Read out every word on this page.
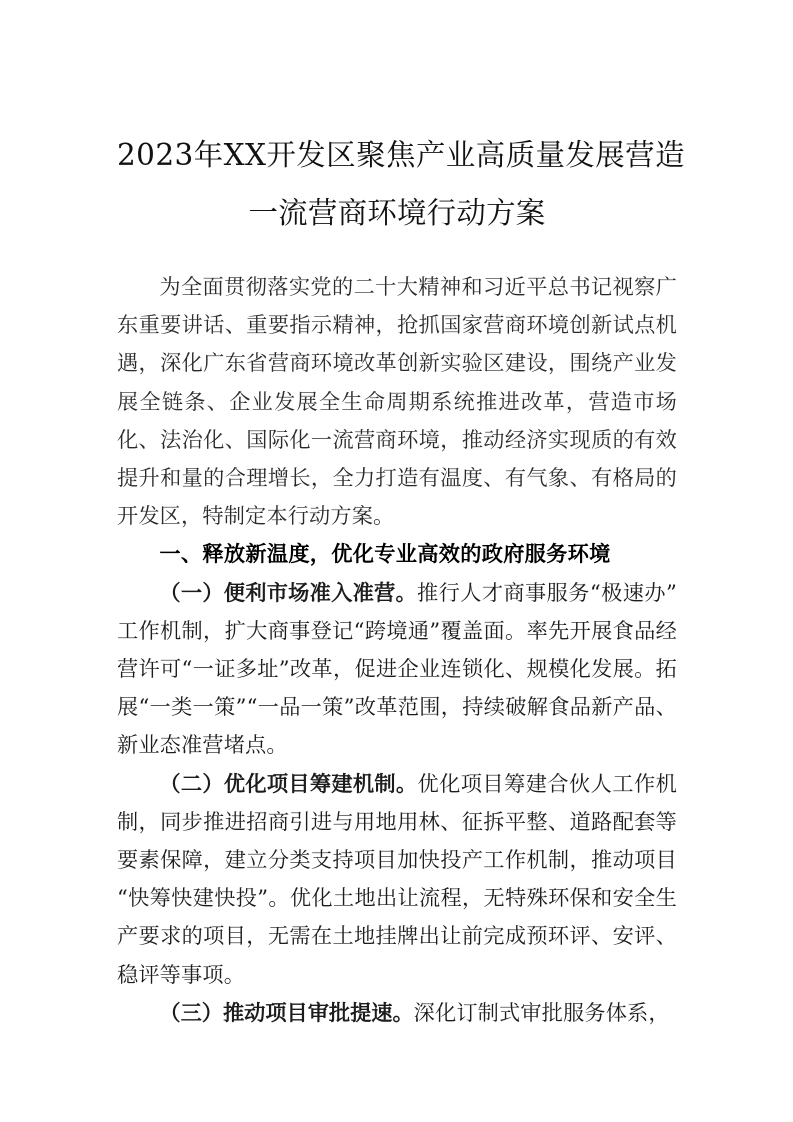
2023年XX开发区聚焦产业高质量发展营造
一流营商环境行动方案

为全面贯彻落实党的二十大精神和习近平总书记视察广东重要讲话、重要指示精神，抢抓国家营商环境创新试点机遇，深化广东省营商环境改革创新实验区建设，围绕产业发展全链条、企业发展全生命周期系统推进改革，营造市场化、法治化、国际化一流营商环境，推动经济实现质的有效提升和量的合理增长，全力打造有温度、有气象、有格局的开发区，特制定本行动方案。

一、释放新温度，优化专业高效的政府服务环境

（一）便利市场准入准营。推行人才商事服务“极速办”工作机制，扩大商事登记“跨境通”覆盖面。率先开展食品经营许可“一证多址”改革，促进企业连锁化、规模化发展。拓展“一类一策”“一品一策”改革范围，持续破解食品新产品、新业态准营堵点。

（二）优化项目筹建机制。优化项目筹建合伙人工作机制，同步推进招商引进与用地用林、征拆平整、道路配套等要素保障，建立分类支持项目加快投产工作机制，推动项目“快筹快建快投”。优化土地出让流程，无特殊环保和安全生产要求的项目，无需在土地挂牌出让前完成预环评、安评、稳评等事项。

（三）推动项目审批提速。深化订制式审批服务体系，
